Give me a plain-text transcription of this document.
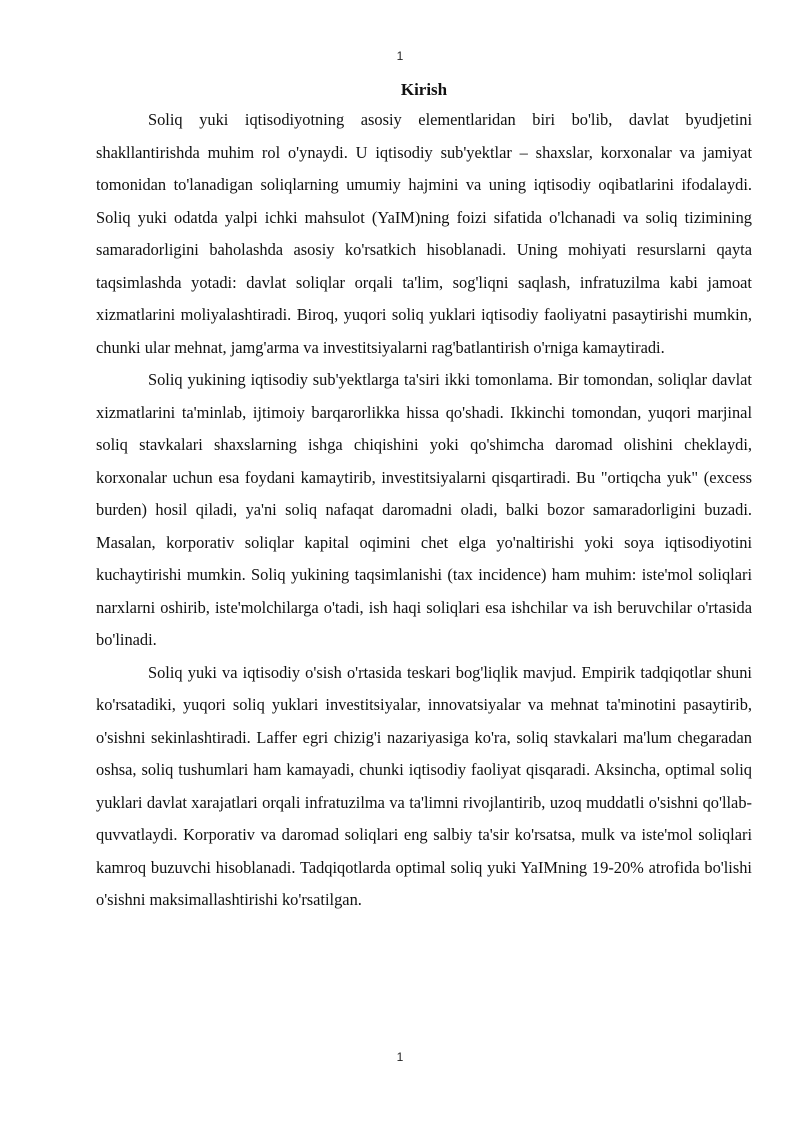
1
Kirish

Soliq yuki iqtisodiyotning asosiy elementlaridan biri bo'lib, davlat byudjetini shakllantirishda muhim rol o'ynaydi. U iqtisodiy sub'yektlar – shaxslar, korxonalar va jamiyat tomonidan to'lanadigan soliqlarning umumiy hajmini va uning iqtisodiy oqibatlarini ifodalaydi. Soliq yuki odatda yalpi ichki mahsulot (YaIM)ning foizi sifatida o'lchanadi va soliq tizimining samaradorligini baholashda asosiy ko'rsatkich hisoblanadi. Uning mohiyati resurslarni qayta taqsimlashda yotadi: davlat soliqlar orqali ta'lim, sog'liqni saqlash, infratuzilma kabi jamoat xizmatlarini moliyalashtiradi. Biroq, yuqori soliq yuklari iqtisodiy faoliyatni pasaytirishi mumkin, chunki ular mehnat, jamg'arma va investitsiyalarni rag'batlantirish o'rniga kamaytiradi.

Soliq yukining iqtisodiy sub'yektlarga ta'siri ikki tomonlama. Bir tomondan, soliqlar davlat xizmatlarini ta'minlab, ijtimoiy barqarorlikka hissa qo'shadi. Ikkinchi tomondan, yuqori marjinal soliq stavkalari shaxslarning ishga chiqishini yoki qo'shimcha daromad olishini cheklaydi, korxonalar uchun esa foydani kamaytirib, investitsiyalarni qisqartiradi. Bu "ortiqcha yuk" (excess burden) hosil qiladi, ya'ni soliq nafaqat daromadni oladi, balki bozor samaradorligini buzadi. Masalan, korporativ soliqlar kapital oqimini chet elga yo'naltirishi yoki soya iqtisodiyotini kuchaytirishi mumkin. Soliq yukining taqsimlanishi (tax incidence) ham muhim: iste'mol soliqlari narxlarni oshirib, iste'molchilarga o'tadi, ish haqi soliqlari esa ishchilar va ish beruvchilar o'rtasida bo'linadi.

Soliq yuki va iqtisodiy o'sish o'rtasida teskari bog'liqlik mavjud. Empirik tadqiqotlar shuni ko'rsatadiki, yuqori soliq yuklari investitsiyalar, innovatsiyalar va mehnat ta'minotini pasaytirib, o'sishni sekinlashtiradi. Laffer egri chizig'i nazariyasiga ko'ra, soliq stavkalari ma'lum chegaradan oshsa, soliq tushumlari ham kamayadi, chunki iqtisodiy faoliyat qisqaradi. Aksincha, optimal soliq yuklari davlat xarajatlari orqali infratuzilma va ta'limni rivojlantirib, uzoq muddatli o'sishni qo'llab-quvvatlaydi. Korporativ va daromad soliqlari eng salbiy ta'sir ko'rsatsa, mulk va iste'mol soliqlari kamroq buzuvchi hisoblanadi. Tadqiqotlarda optimal soliq yuki YaIMning 19-20% atrofida bo'lishi o'sishni maksimallashtirishi ko'rsatilgan.

1
